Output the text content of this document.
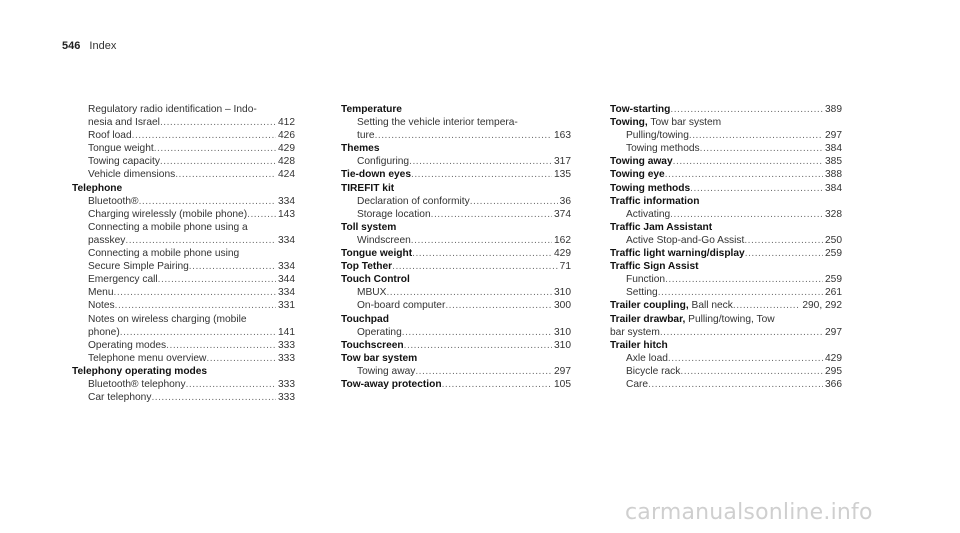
546 Index
Regulatory radio identification – Indo-
nesia and Israel .....	412
Roof load .....	426
Tongue weight .....	429
Towing capacity .....	428
Vehicle dimensions .....	424
Telephone
Bluetooth® .....	334
Charging wirelessly (mobile phone) .....	143
Connecting a mobile phone using a
passkey .....	334
Connecting a mobile phone using
Secure Simple Pairing .....	334
Emergency call .....	344
Menu .....	334
Notes .....	331
Notes on wireless charging (mobile
phone) .....	141
Operating modes .....	333
Telephone menu overview .....	333
Telephony operating modes
Bluetooth® telephony .....	333
Car telephony .....	333
Temperature
Setting the vehicle interior tempera-
ture .....	163
Themes
Configuring .....	317
Tie-down eyes .....	135
TIREFIT kit
Declaration of conformity .....	36
Storage location .....	374
Toll system
Windscreen .....	162
Tongue weight .....	429
Top Tether .....	71
Touch Control
MBUX .....	310
On-board computer .....	300
Touchpad
Operating .....	310
Touchscreen .....	310
Tow bar system
Towing away .....	297
Tow-away protection .....	105
Tow-starting .....	389
Towing, Tow bar system
Pulling/towing .....	297
Towing methods .....	384
Towing away .....	385
Towing eye .....	388
Towing methods .....	384
Traffic information
Activating .....	328
Traffic Jam Assistant
Active Stop-and-Go Assist .....	250
Traffic light warning/display .....	259
Traffic Sign Assist
Function .....	259
Setting .....	261
Trailer coupling, Ball neck .....	290, 292
Trailer drawbar, Pulling/towing, Tow
bar system .....	297
Trailer hitch
Axle load .....	429
Bicycle rack .....	295
Care .....	366
carmanualsonline.info
